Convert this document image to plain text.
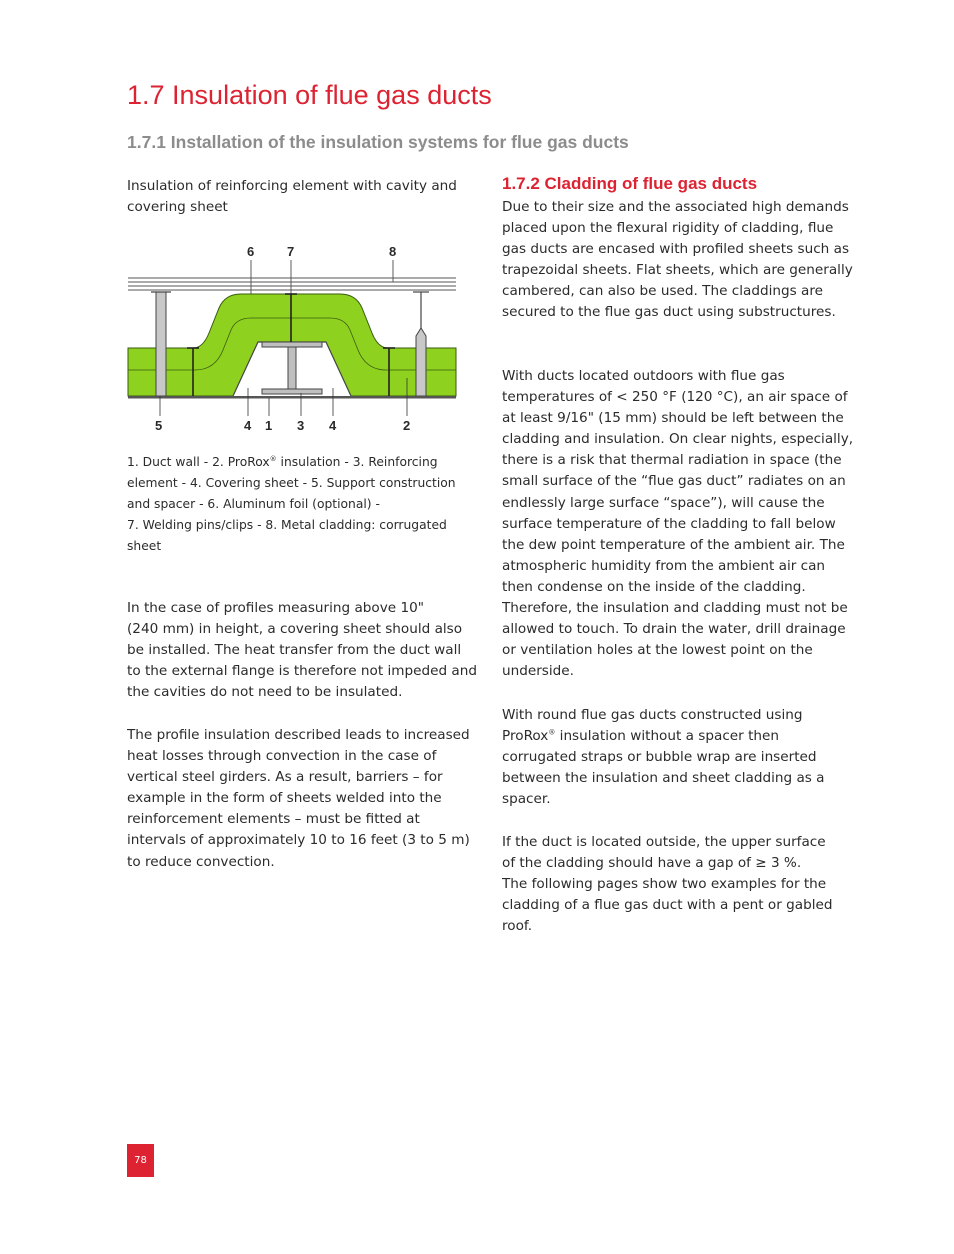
1.7 Insulation of flue gas ducts
1.7.1 Installation of the insulation systems for flue gas ducts
Insulation of reinforcing element with cavity and
covering sheet
6	7	8
5	4 1 3 4	2
1. Duct wall - 2. ProRox® insulation - 3. Reinforcing element - 4. Covering sheet - 5. Support construction and spacer - 6. Aluminum foil (optional) -
7. Welding pins/clips - 8. Metal cladding: corrugated sheet
In the case of profiles measuring above 10"
(240 mm) in height, a covering sheet should also be installed. The heat transfer from the duct wall to the external flange is therefore not impeded and the cavities do not need to be insulated.

The profile insulation described leads to increased heat losses through convection in the case of vertical steel girders. As a result, barriers – for example in the form of sheets welded into the reinforcement elements – must be fitted at intervals of approximately 10 to 16 feet (3 to 5 m) to reduce convection.

1.7.2 Cladding of flue gas ducts

Due to their size and the associated high demands placed upon the flexural rigidity of cladding, flue gas ducts are encased with profiled sheets such as trapezoidal sheets. Flat sheets, which are generally cambered, can also be used. The claddings are secured to the flue gas duct using substructures.

With ducts located outdoors with flue gas temperatures of < 250 °F (120 °C), an air space of at least 9/16" (15 mm) should be left between the cladding and insulation. On clear nights, especially, there is a risk that thermal radiation in space (the small surface of the “flue gas duct” radiates on an endlessly large surface “space”), will cause the surface temperature of the cladding to fall below the dew point temperature of the ambient air. The atmospheric humidity from the ambient air can then condense on the inside of the cladding. Therefore, the insulation and cladding must not be allowed to touch. To drain the water, drill drainage or ventilation holes at the lowest point on the underside.

With round flue gas ducts constructed using ProRox® insulation without a spacer then corrugated straps or bubble wrap are inserted between the insulation and sheet cladding as a spacer.

If the duct is located outside, the upper surface
of the cladding should have a gap of ≥ 3 %.
The following pages show two examples for the cladding of a flue gas duct with a pent or gabled roof.
78
